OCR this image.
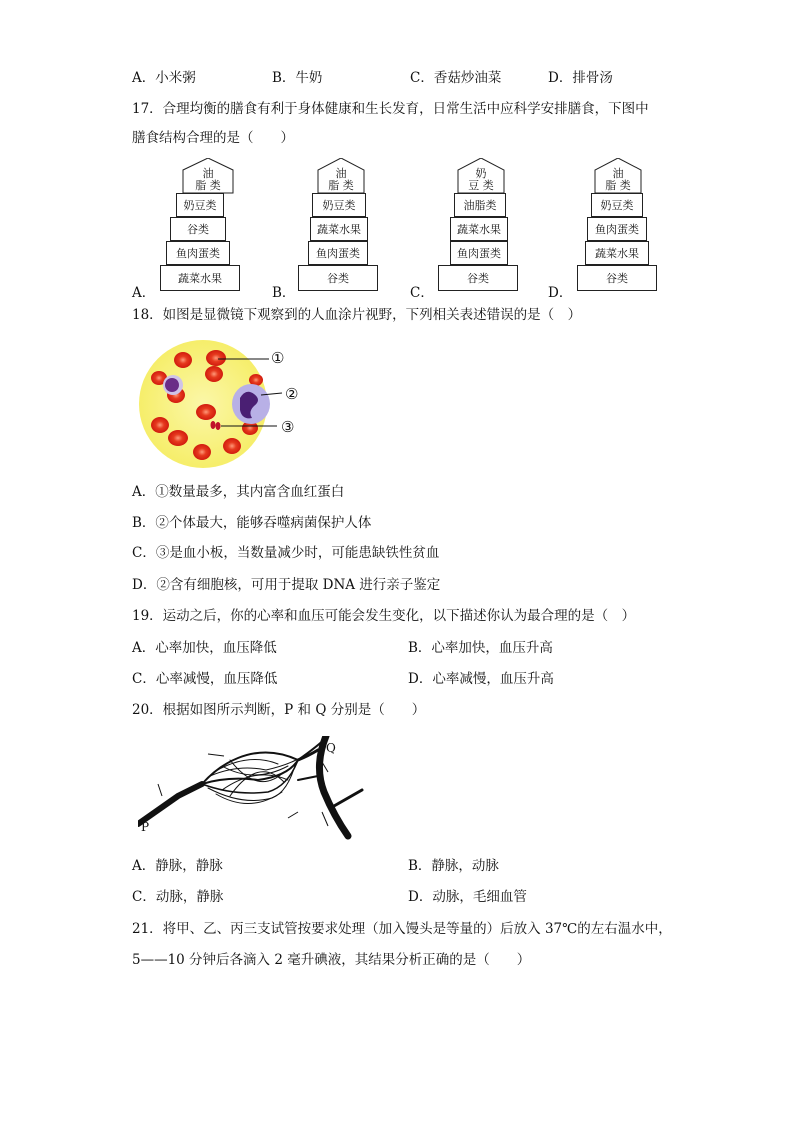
A．小米粥	B．牛奶	C．香菇炒油菜	D．排骨汤
17．合理均衡的膳食有利于身体健康和生长发育，日常生活中应科学安排膳食，下图中
膳食结构合理的是（　　）
A．
油
脂 类
奶豆类
谷类
鱼肉蛋类
蔬菜水果
B．
油
脂 类
奶豆类
蔬菜水果
鱼肉蛋类
谷类
C．
奶
豆 类
油脂类
蔬菜水果
鱼肉蛋类
谷类
D．
油
脂 类
奶豆类
鱼肉蛋类
蔬菜水果
谷类
18．如图是显微镜下观察到的人血涂片视野，下列相关表述错误的是（　）
①
②
③
A．①数量最多，其内富含血红蛋白
B．②个体最大，能够吞噬病菌保护人体
C．③是血小板，当数量减少时，可能患缺铁性贫血
D．②含有细胞核，可用于提取 DNA 进行亲子鉴定
19．运动之后，你的心率和血压可能会发生变化，以下描述你认为最合理的是（　）
A．心率加快，血压降低	B．心率加快，血压升高
C．心率减慢，血压降低	D．心率减慢，血压升高
20．根据如图所示判断，P 和 Q 分别是（　　）
Q
P
A．静脉，静脉	B．静脉，动脉
C．动脉，静脉	D．动脉，毛细血管
21．将甲、乙、丙三支试管按要求处理（加入馒头是等量的）后放入 37℃的左右温水中，
5——10 分钟后各滴入 2 毫升碘液，其结果分析正确的是（　　）
